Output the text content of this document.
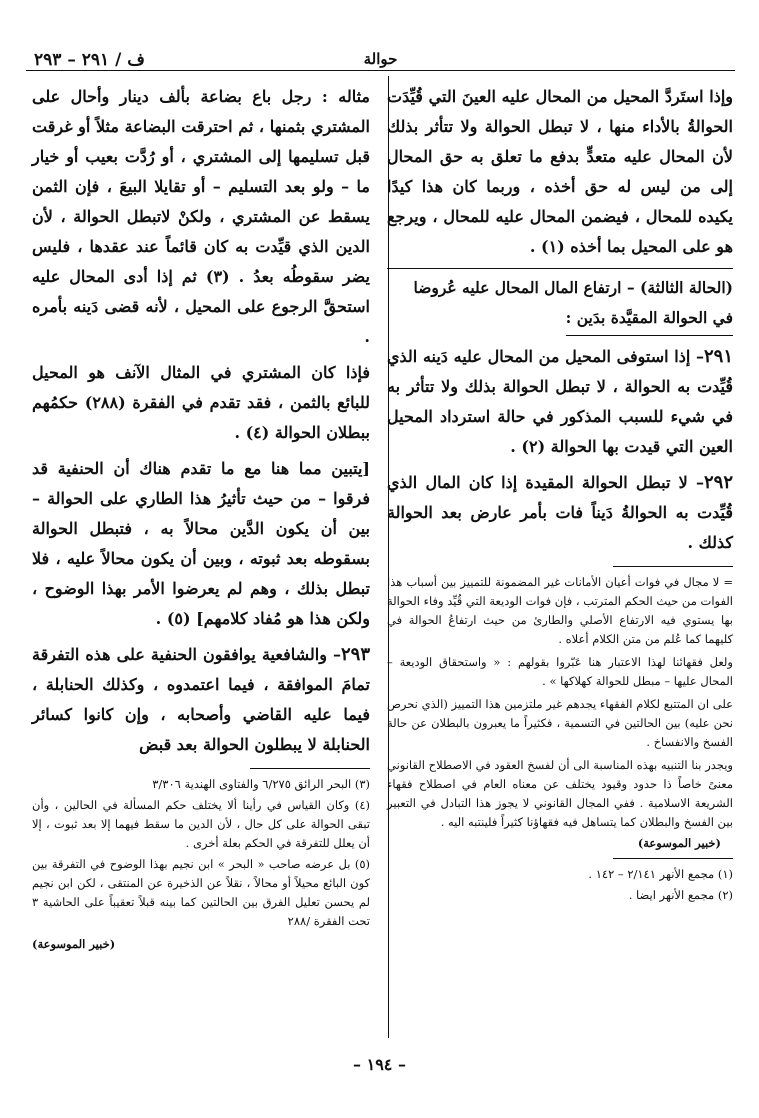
ف / ٢٩١ – ٢٩٣	حوالة

وإذا استَردَّ المحيل من المحال عليه العينَ التي قُيِّدَت الحوالةُ بالأداء منها ، لا تبطل الحوالة ولا تتأثر بذلك لأن المحال عليه متعدٍّ بدفع ما تعلق به حق المحال إلى من ليس له حق أخذه ، وربما كان هذا كيدًا يكيده للمحال ، فيضمن المحال عليه للمحال ، ويرجع هو على المحيل بما أخذه (١) .

(الحالة الثالثة) – ارتفاع المال المحال عليه عُروضا
في الحوالة المقيَّدة بدَين :

٢٩١– إذا استوفى المحيل من المحال عليه دَينه الذي قُيِّدت به الحوالة ، لا تبطل الحوالة بذلك ولا تتأثر به في شيء للسبب المذكور في حالة استرداد المحيل العين التي قيدت بها الحوالة (٢) .

٢٩٢– لا تبطل الحوالة المقيدة إذا كان المال الذي قُيِّدت به الحوالةُ دَيناً فات بأمر عارض بعد الحوالة كذلك .

= لا مجال في فوات أعيان الأمانات غير المضمونة للتمييز بين أسباب هذا الفوات من حيث الحكم المترتب ، فإن فوات الوديعة التي قُيِّد وفاء الحوالة بها يستوي فيه الارتفاع الأصلي والطارئ من حيث ارتفاعُ الحوالة في كليهما كما عُلم من متن الكلام أعلاه .

ولعل فقهائنا لهذا الاعتبار هنا عَبّروا بقولهم : « واستحقاق الوديعة – المحال عليها – مبطل للحوالة كهلاكها » .

على ان المتتبع لكلام الفقهاء يجدهم غير ملتزمين هذا التمييز (الذي نحرص نحن عليه) بين الحالتين في التسمية ، فكثيراً ما يعبرون بالبطلان عن حالة الفسخ والانفساخ .

ويجدر بنا التنبيه بهذه المناسبة الى أن لفسخ العقود في الاصطلاح القانوني معنىً خاصاً ذا حدود وقيود يختلف عن معناه العام في اصطلاح فقهاء الشريعة الاسلامية . ففي المجال القانوني لا يجوز هذا التبادل في التعبير بين الفسخ والبطلان كما يتساهل فيه فقهاؤنا كثيراً فلينتبه اليه .

(خبير الموسوعة)

(١) مجمع الأنهر ٢/١٤١ – ١٤٢ .

(٢) مجمع الأنهر ايضا .

مثاله : رجل باع بضاعة بألف دينار وأحال على المشتري بثمنها ، ثم احترقت البضاعة مثلاً أو غرقت قبل تسليمها إلى المشتري ، أو رُدَّت بعيب أو خيار ما – ولو بعد التسليم – أو تقايلا البيعَ ، فإن الثمن يسقط عن المشتري ، ولكنْ لاتبطل الحوالة ، لأن الدين الذي قيِّدت به كان قائماً عند عقدها ، فليس يضر سقوطُه بعدُ . (٣) ثم إذا أدى المحال عليه استحقَّ الرجوع على المحيل ، لأنه قضى دَينه بأمره .

فإذا كان المشتري في المثال الآنف هو المحيل للبائع بالثمن ، فقد تقدم في الفقرة (٢٨٨) حكمُهم ببطلان الحوالة (٤) .

[يتبين مما هنا مع ما تقدم هناك أن الحنفية قد فرقوا – من حيث تأثيرُ هذا الطاري على الحوالة – بين أن يكون الدَّين محالاً به ، فتبطل الحوالة بسقوطه بعد ثبوته ، وبين أن يكون محالاً عليه ، فلا تبطل بذلك ، وهم لم يعرضوا الأمر بهذا الوضوح ، ولكن هذا هو مُفاد كلامهم] (٥) .

٢٩٣– والشافعية يوافقون الحنفية على هذه التفرقة تمامَ الموافقة ، فيما اعتمدوه ، وكذلك الحنابلة ، فيما عليه القاضي وأصحابه ، وإن كانوا كسائر الحنابلة لا يبطلون الحوالة بعد قبض

(٣) البحر الرائق ٦/٢٧٥ والفتاوى الهندية ٣/٣٠٦

(٤) وكان القياس في رأينا ألا يختلف حكم المسألة في الحالين ، وأن تبقى الحوالة على كل حال ، لأن الدين ما سقط فيهما إلا بعد ثبوت ، إلا أن يعلل للتفرقة في الحكم بعلة أخرى .

(٥) بل عرضه صاحب « البحر » ابن نجيم بهذا الوضوح في التفرقة بين كون البائع محيلاً أو محالاً ، نقلاً عن الذخيرة عن المنتقى ، لكن ابن نجيم لم يحسن تعليل الفرق بين الحالتين كما بينه قبلاً تعقيباً على الحاشية ٣ تحت الفقرة /٢٨٨

(خبير الموسوعة)

– ١٩٤ –
